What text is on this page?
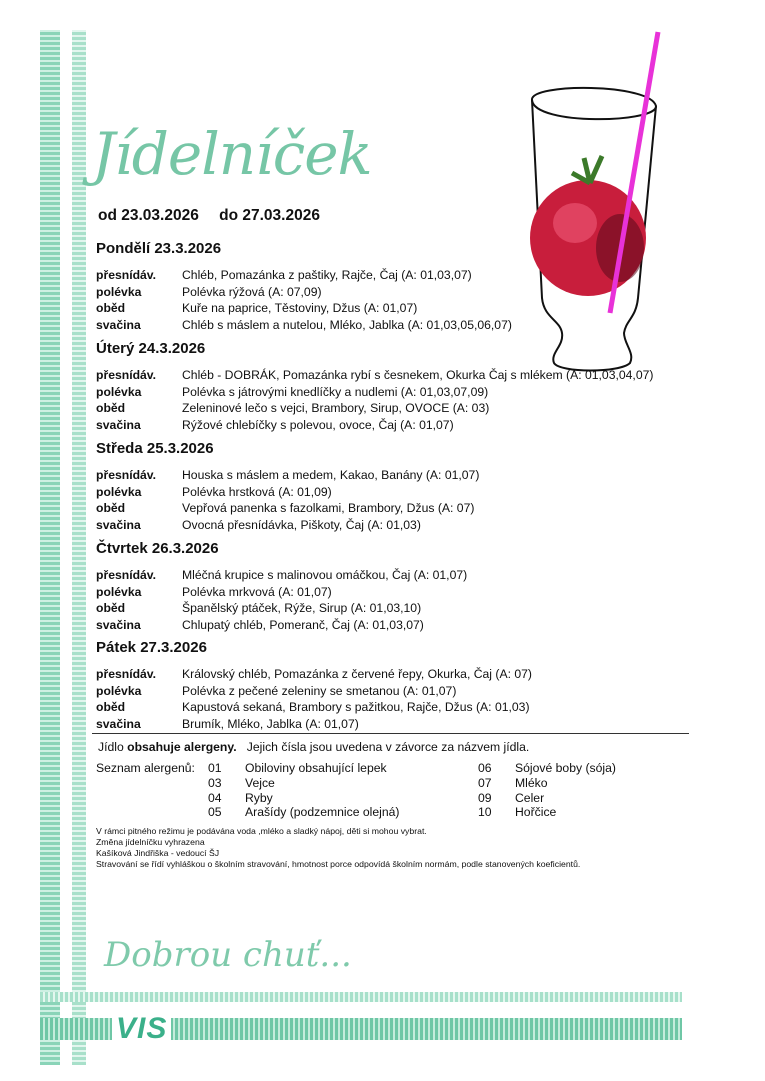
Jídelníček
od 23.03.2026 do 27.03.2026
Pondělí 23.3.2026
přesnídáv.	Chléb, Pomazánka z paštiky, Rajče, Čaj (A: 01,03,07)
polévka	Polévka rýžová (A: 07,09)
oběd	Kuře na paprice, Těstoviny, Džus (A: 01,07)
svačina	Chléb s máslem a nutelou, Mléko, Jablka (A: 01,03,05,06,07)
Úterý 24.3.2026
přesnídáv.	Chléb - DOBRÁK, Pomazánka rybí s česnekem, Okurka Čaj s mlékem (A: 01,03,04,07)
polévka	Polévka s játrovými knedlíčky a nudlemi (A: 01,03,07,09)
oběd	Zeleninové lečo s vejci, Brambory, Sirup, OVOCE (A: 03)
svačina	Rýžové chlebíčky s polevou, ovoce, Čaj (A: 01,07)
Středa 25.3.2026
přesnídáv.	Houska s máslem a medem, Kakao, Banány (A: 01,07)
polévka	Polévka hrstková (A: 01,09)
oběd	Vepřová panenka s fazolkami, Brambory, Džus (A: 07)
svačina	Ovocná přesnídávka, Piškoty, Čaj (A: 01,03)
Čtvrtek 26.3.2026
přesnídáv.	Mléčná krupice s malinovou omáčkou, Čaj (A: 01,07)
polévka	Polévka mrkvová (A: 01,07)
oběd	Španělský ptáček, Rýže, Sirup (A: 01,03,10)
svačina	Chlupatý chléb, Pomeranč, Čaj (A: 01,03,07)
Pátek 27.3.2026
přesnídáv.	Královský chléb, Pomazánka z červené řepy, Okurka, Čaj (A: 07)
polévka	Polévka z pečené zeleniny se smetanou (A: 01,07)
oběd	Kapustová sekaná, Brambory s pažitkou, Rajče, Džus (A: 01,03)
svačina	Brumík, Mléko, Jablka (A: 01,07)
Jídlo obsahuje alergeny.   Jejich čísla jsou uvedena v závorce za názvem jídla.
Seznam alergenů: 01	Obiloviny obsahující lepek
03	Vejce
04	Ryby
05	Arašídy (podzemnice olejná)
06	Sójové boby (sója)
07	Mléko
09	Celer
10	Hořčice
V rámci pitného režimu je podávána voda ,mléko a sladký nápoj, děti si mohou vybrat.
Změna jídelníčku vyhrazena
Kašíková Jindřiška - vedoucí ŠJ
Stravování se řídí vyhláškou o školním stravování, hmotnost porce odpovídá školním normám, podle stanovených koeficientů.
Dobrou chuť...
VIS
